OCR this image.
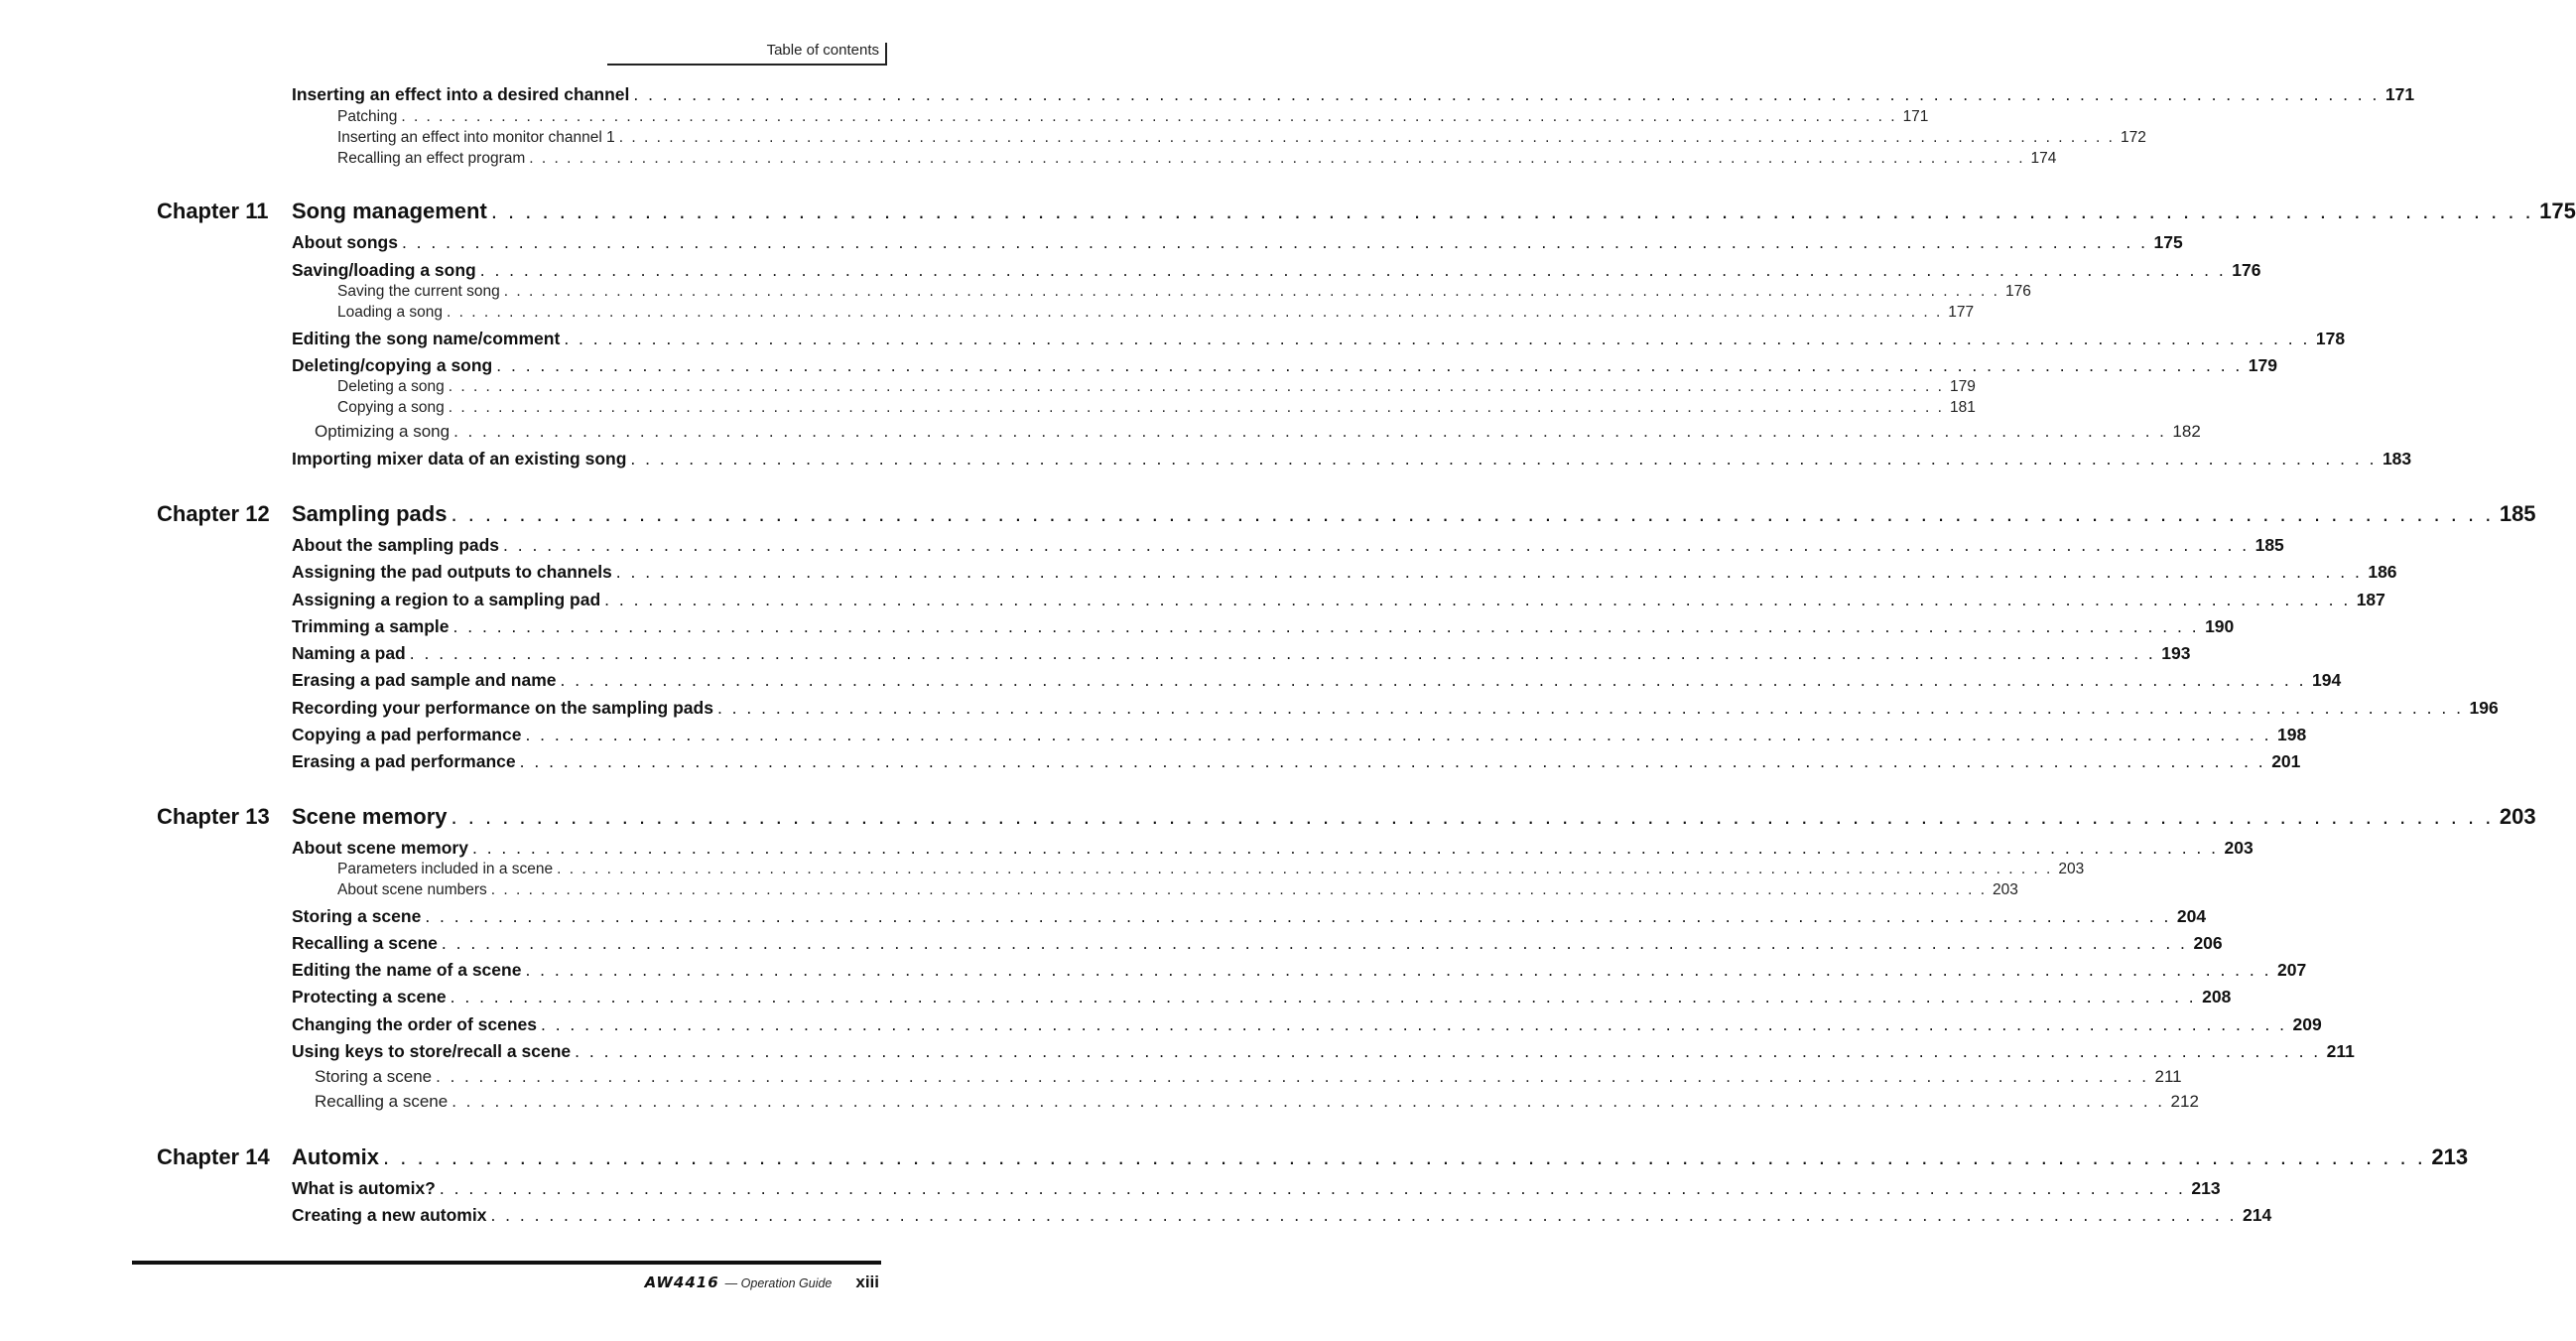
Table of contents
Inserting an effect into a desired channel . . . . . . . . . . . . . . . . . . . . . . . . . . . . . . . . . . . . . . . . . . . . . . . . . . . . . . . . . . . . . . . . . . . . . . . . . . . . . . . . . . . . . . . . . . . . . . . . . . . . . . . . . . . . . . . . . . . . . . . . 171
Patching . . . . . . . . . . . . . . . . . . . . . . . . . . . . . . . . . . . . . . . . . . . . . . . . . . . . . . . . . . . . . . . . . . . . . . . . . . . . . . . . . . . . . . . . . . . . . . . . . . . . . . . . . . . . . . . . . . . . . . . . 171
Inserting an effect into monitor channel 1 . . . . . . . . . . . . . . . . . . . . . . . . . . . . . . . . . . . . . . . . . . . . . . . . . . . . . . . . . . . . . . . . . . . . . . . . . . . . . . . . . . . . . . . . . . . . . . . . . . . . . . . . . . . . . . . . . . . . . . . . 172
Recalling an effect program . . . . . . . . . . . . . . . . . . . . . . . . . . . . . . . . . . . . . . . . . . . . . . . . . . . . . . . . . . . . . . . . . . . . . . . . . . . . . . . . . . . . . . . . . . . . . . . . . . . . . . . . . . . . . . . . . . . . . . . . 174
Chapter 11	Song management . . . . . . . . . . . . . . . . . . . . . . . . . . . . . . . . . . . . . . . . . . . . . . . . . . . . . . . . . . . . . . . . . . . . . . . . . . . . . . . . . . . . . . . . . . . . . . . . . . . . . . . . . . . . . . . . . . . . . . . . 175
About songs . . . . . . . . . . . . . . . . . . . . . . . . . . . . . . . . . . . . . . . . . . . . . . . . . . . . . . . . . . . . . . . . . . . . . . . . . . . . . . . . . . . . . . . . . . . . . . . . . . . . . . . . . . . . . . . . . . . . . . . . 175
Saving/loading a song . . . . . . . . . . . . . . . . . . . . . . . . . . . . . . . . . . . . . . . . . . . . . . . . . . . . . . . . . . . . . . . . . . . . . . . . . . . . . . . . . . . . . . . . . . . . . . . . . . . . . . . . . . . . . . . . . . . . . . . . 176
Saving the current song . . . . . . . . . . . . . . . . . . . . . . . . . . . . . . . . . . . . . . . . . . . . . . . . . . . . . . . . . . . . . . . . . . . . . . . . . . . . . . . . . . . . . . . . . . . . . . . . . . . . . . . . . . . . . . . . . . . . . . . . 176
Loading a song . . . . . . . . . . . . . . . . . . . . . . . . . . . . . . . . . . . . . . . . . . . . . . . . . . . . . . . . . . . . . . . . . . . . . . . . . . . . . . . . . . . . . . . . . . . . . . . . . . . . . . . . . . . . . . . . . . . . . . . . 177
Editing the song name/comment . . . . . . . . . . . . . . . . . . . . . . . . . . . . . . . . . . . . . . . . . . . . . . . . . . . . . . . . . . . . . . . . . . . . . . . . . . . . . . . . . . . . . . . . . . . . . . . . . . . . . . . . . . . . . . . . . . . . . . . . 178
Deleting/copying a song . . . . . . . . . . . . . . . . . . . . . . . . . . . . . . . . . . . . . . . . . . . . . . . . . . . . . . . . . . . . . . . . . . . . . . . . . . . . . . . . . . . . . . . . . . . . . . . . . . . . . . . . . . . . . . . . . . . . . . . . 179
Deleting a song . . . . . . . . . . . . . . . . . . . . . . . . . . . . . . . . . . . . . . . . . . . . . . . . . . . . . . . . . . . . . . . . . . . . . . . . . . . . . . . . . . . . . . . . . . . . . . . . . . . . . . . . . . . . . . . . . . . . . . . . 179
Copying a song . . . . . . . . . . . . . . . . . . . . . . . . . . . . . . . . . . . . . . . . . . . . . . . . . . . . . . . . . . . . . . . . . . . . . . . . . . . . . . . . . . . . . . . . . . . . . . . . . . . . . . . . . . . . . . . . . . . . . . . . 181
Optimizing a song . . . . . . . . . . . . . . . . . . . . . . . . . . . . . . . . . . . . . . . . . . . . . . . . . . . . . . . . . . . . . . . . . . . . . . . . . . . . . . . . . . . . . . . . . . . . . . . . . . . . . . . . . . . . . . . . . . . . . . . . 182
Importing mixer data of an existing song . . . . . . . . . . . . . . . . . . . . . . . . . . . . . . . . . . . . . . . . . . . . . . . . . . . . . . . . . . . . . . . . . . . . . . . . . . . . . . . . . . . . . . . . . . . . . . . . . . . . . . . . . . . . . . . . . . . . . . . . 183
Chapter 12	Sampling pads . . . . . . . . . . . . . . . . . . . . . . . . . . . . . . . . . . . . . . . . . . . . . . . . . . . . . . . . . . . . . . . . . . . . . . . . . . . . . . . . . . . . . . . . . . . . . . . . . . . . . . . . . . . . . . . . . . . . . . . . 185
About the sampling pads . . . . . . . . . . . . . . . . . . . . . . . . . . . . . . . . . . . . . . . . . . . . . . . . . . . . . . . . . . . . . . . . . . . . . . . . . . . . . . . . . . . . . . . . . . . . . . . . . . . . . . . . . . . . . . . . . . . . . . . . 185
Assigning the pad outputs to channels . . . . . . . . . . . . . . . . . . . . . . . . . . . . . . . . . . . . . . . . . . . . . . . . . . . . . . . . . . . . . . . . . . . . . . . . . . . . . . . . . . . . . . . . . . . . . . . . . . . . . . . . . . . . . . . . . . . . . . . . 186
Assigning a region to a sampling pad . . . . . . . . . . . . . . . . . . . . . . . . . . . . . . . . . . . . . . . . . . . . . . . . . . . . . . . . . . . . . . . . . . . . . . . . . . . . . . . . . . . . . . . . . . . . . . . . . . . . . . . . . . . . . . . . . . . . . . . . 187
Trimming a sample . . . . . . . . . . . . . . . . . . . . . . . . . . . . . . . . . . . . . . . . . . . . . . . . . . . . . . . . . . . . . . . . . . . . . . . . . . . . . . . . . . . . . . . . . . . . . . . . . . . . . . . . . . . . . . . . . . . . . . . . 190
Naming a pad . . . . . . . . . . . . . . . . . . . . . . . . . . . . . . . . . . . . . . . . . . . . . . . . . . . . . . . . . . . . . . . . . . . . . . . . . . . . . . . . . . . . . . . . . . . . . . . . . . . . . . . . . . . . . . . . . . . . . . . . 193
Erasing a pad sample and name . . . . . . . . . . . . . . . . . . . . . . . . . . . . . . . . . . . . . . . . . . . . . . . . . . . . . . . . . . . . . . . . . . . . . . . . . . . . . . . . . . . . . . . . . . . . . . . . . . . . . . . . . . . . . . . . . . . . . . . . 194
Recording your performance on the sampling pads . . . . . . . . . . . . . . . . . . . . . . . . . . . . . . . . . . . . . . . . . . . . . . . . . . . . . . . . . . . . . . . . . . . . . . . . . . . . . . . . . . . . . . . . . . . . . . . . . . . . . . . . . . . . . . . . . . . . . . . . 196
Copying a pad performance . . . . . . . . . . . . . . . . . . . . . . . . . . . . . . . . . . . . . . . . . . . . . . . . . . . . . . . . . . . . . . . . . . . . . . . . . . . . . . . . . . . . . . . . . . . . . . . . . . . . . . . . . . . . . . . . . . . . . . . . 198
Erasing a pad performance . . . . . . . . . . . . . . . . . . . . . . . . . . . . . . . . . . . . . . . . . . . . . . . . . . . . . . . . . . . . . . . . . . . . . . . . . . . . . . . . . . . . . . . . . . . . . . . . . . . . . . . . . . . . . . . . . . . . . . . . 201
Chapter 13	Scene memory . . . . . . . . . . . . . . . . . . . . . . . . . . . . . . . . . . . . . . . . . . . . . . . . . . . . . . . . . . . . . . . . . . . . . . . . . . . . . . . . . . . . . . . . . . . . . . . . . . . . . . . . . . . . . . . . . . . . . . . . 203
About scene memory . . . . . . . . . . . . . . . . . . . . . . . . . . . . . . . . . . . . . . . . . . . . . . . . . . . . . . . . . . . . . . . . . . . . . . . . . . . . . . . . . . . . . . . . . . . . . . . . . . . . . . . . . . . . . . . . . . . . . . . . 203
Parameters included in a scene . . . . . . . . . . . . . . . . . . . . . . . . . . . . . . . . . . . . . . . . . . . . . . . . . . . . . . . . . . . . . . . . . . . . . . . . . . . . . . . . . . . . . . . . . . . . . . . . . . . . . . . . . . . . . . . . . . . . . . . . 203
About scene numbers . . . . . . . . . . . . . . . . . . . . . . . . . . . . . . . . . . . . . . . . . . . . . . . . . . . . . . . . . . . . . . . . . . . . . . . . . . . . . . . . . . . . . . . . . . . . . . . . . . . . . . . . . . . . . . . . . . . . . . . . 203
Storing a scene . . . . . . . . . . . . . . . . . . . . . . . . . . . . . . . . . . . . . . . . . . . . . . . . . . . . . . . . . . . . . . . . . . . . . . . . . . . . . . . . . . . . . . . . . . . . . . . . . . . . . . . . . . . . . . . . . . . . . . . . 204
Recalling a scene . . . . . . . . . . . . . . . . . . . . . . . . . . . . . . . . . . . . . . . . . . . . . . . . . . . . . . . . . . . . . . . . . . . . . . . . . . . . . . . . . . . . . . . . . . . . . . . . . . . . . . . . . . . . . . . . . . . . . . . . 206
Editing the name of a scene . . . . . . . . . . . . . . . . . . . . . . . . . . . . . . . . . . . . . . . . . . . . . . . . . . . . . . . . . . . . . . . . . . . . . . . . . . . . . . . . . . . . . . . . . . . . . . . . . . . . . . . . . . . . . . . . . . . . . . . . 207
Protecting a scene . . . . . . . . . . . . . . . . . . . . . . . . . . . . . . . . . . . . . . . . . . . . . . . . . . . . . . . . . . . . . . . . . . . . . . . . . . . . . . . . . . . . . . . . . . . . . . . . . . . . . . . . . . . . . . . . . . . . . . . . 208
Changing the order of scenes . . . . . . . . . . . . . . . . . . . . . . . . . . . . . . . . . . . . . . . . . . . . . . . . . . . . . . . . . . . . . . . . . . . . . . . . . . . . . . . . . . . . . . . . . . . . . . . . . . . . . . . . . . . . . . . . . . . . . . . . 209
Using keys to store/recall a scene . . . . . . . . . . . . . . . . . . . . . . . . . . . . . . . . . . . . . . . . . . . . . . . . . . . . . . . . . . . . . . . . . . . . . . . . . . . . . . . . . . . . . . . . . . . . . . . . . . . . . . . . . . . . . . . . . . . . . . . . 211
Storing a scene . . . . . . . . . . . . . . . . . . . . . . . . . . . . . . . . . . . . . . . . . . . . . . . . . . . . . . . . . . . . . . . . . . . . . . . . . . . . . . . . . . . . . . . . . . . . . . . . . . . . . . . . . . . . . . . . . . . . . . . . 211
Recalling a scene . . . . . . . . . . . . . . . . . . . . . . . . . . . . . . . . . . . . . . . . . . . . . . . . . . . . . . . . . . . . . . . . . . . . . . . . . . . . . . . . . . . . . . . . . . . . . . . . . . . . . . . . . . . . . . . . . . . . . . . . 212
Chapter 14	Automix . . . . . . . . . . . . . . . . . . . . . . . . . . . . . . . . . . . . . . . . . . . . . . . . . . . . . . . . . . . . . . . . . . . . . . . . . . . . . . . . . . . . . . . . . . . . . . . . . . . . . . . . . . . . . . . . . . . . . . . . 213
What is automix? . . . . . . . . . . . . . . . . . . . . . . . . . . . . . . . . . . . . . . . . . . . . . . . . . . . . . . . . . . . . . . . . . . . . . . . . . . . . . . . . . . . . . . . . . . . . . . . . . . . . . . . . . . . . . . . . . . . . . . . . 213
Creating a new automix . . . . . . . . . . . . . . . . . . . . . . . . . . . . . . . . . . . . . . . . . . . . . . . . . . . . . . . . . . . . . . . . . . . . . . . . . . . . . . . . . . . . . . . . . . . . . . . . . . . . . . . . . . . . . . . . . . . . . . . . 214
AW4416 — Operation Guide xiii
